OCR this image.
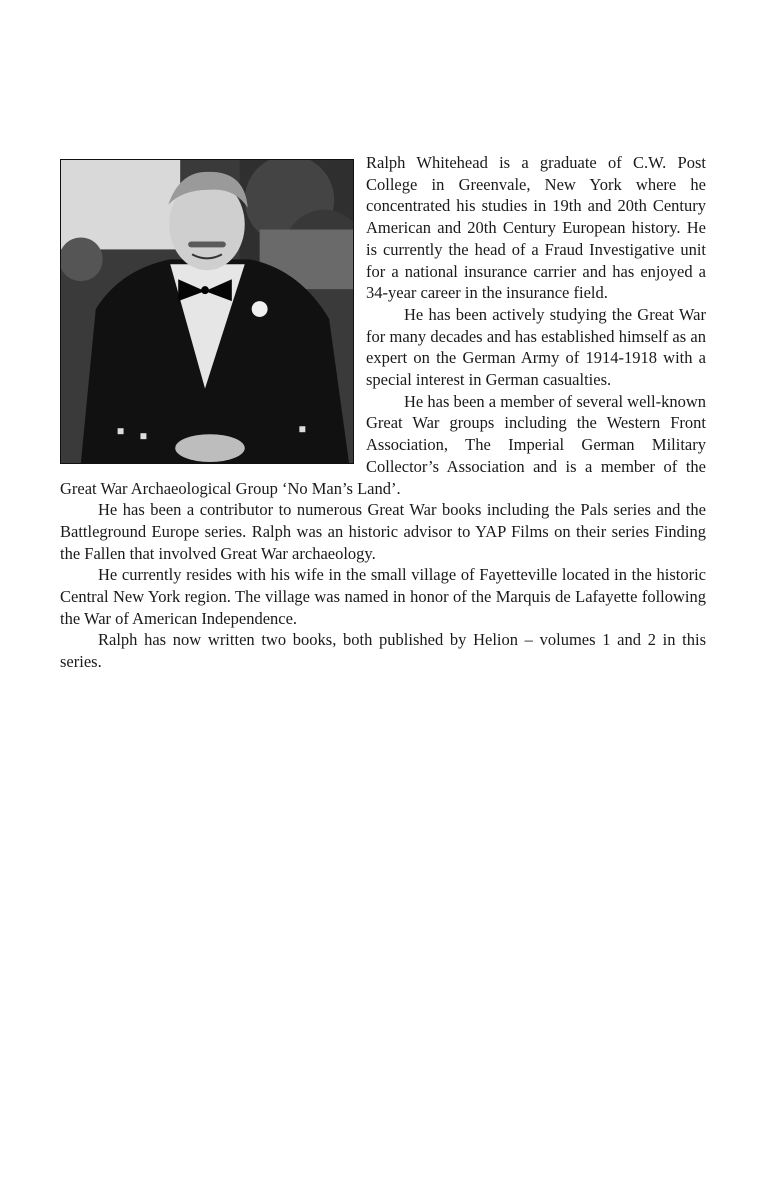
Ralph Whitehead is a graduate of C.W. Post College in Greenvale, New York where he concentrated his studies in 19th and 20th Century American and 20th Century European history. He is currently the head of a Fraud Investigative unit for a national insurance carrier and has enjoyed a 34-year career in the insurance field.

He has been actively studying the Great War for many decades and has established himself as an expert on the German Army of 1914-1918 with a special interest in German casualties.

He has been a member of several well-known Great War groups including the Western Front Association, The Imperial German Military Collector’s Association and is a member of the Great War Archaeological Group ‘No Man’s Land’.

He has been a contributor to numerous Great War books including the Pals series and the Battleground Europe series. Ralph was an historic advisor to YAP Films on their series Finding the Fallen that involved Great War archaeology.

He currently resides with his wife in the small village of Fayetteville located in the historic Central New York region. The village was named in honor of the Marquis de Lafayette following the War of American Independence.

Ralph has now written two books, both published by Helion – volumes 1 and 2 in this series.
